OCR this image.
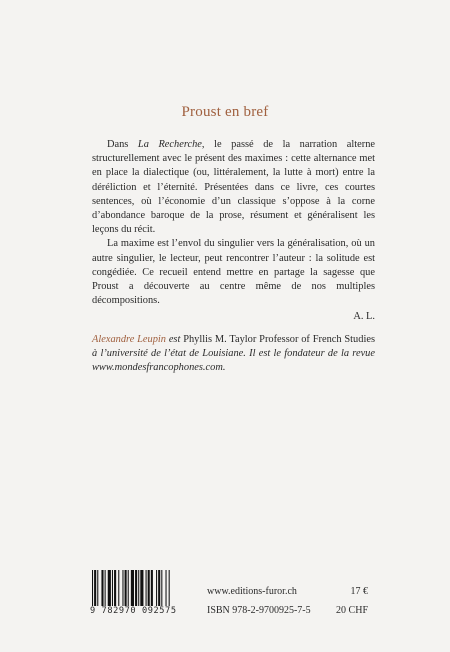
Proust en bref

Dans La Recherche, le passé de la narration alterne structurellement avec le présent des maximes : cette alternance met en place la dialectique (ou, littéralement, la lutte à mort) entre la déréliction et l’éternité. Présentées dans ce livre, ces courtes sentences, où l’économie d’un classique s’oppose à la corne d’abondance baroque de la prose, résument et généralisent les leçons du récit.

La maxime est l’envol du singulier vers la généralisation, où un autre singulier, le lecteur, peut rencontrer l’auteur : la solitude est congédiée. Ce recueil entend mettre en partage la sagesse que Proust a découverte au centre même de nos multiples décompositions.

A. L.
Alexandre Leupin est Phyllis M. Taylor Professor of French Studies à l’université de l’état de Louisiane. Il est le fondateur de la revue www.mondesfrancophones.com.
9 782970 092575
www.editions-furor.ch
ISBN 978-2-9700925-7-5
17 €
20 CHF
